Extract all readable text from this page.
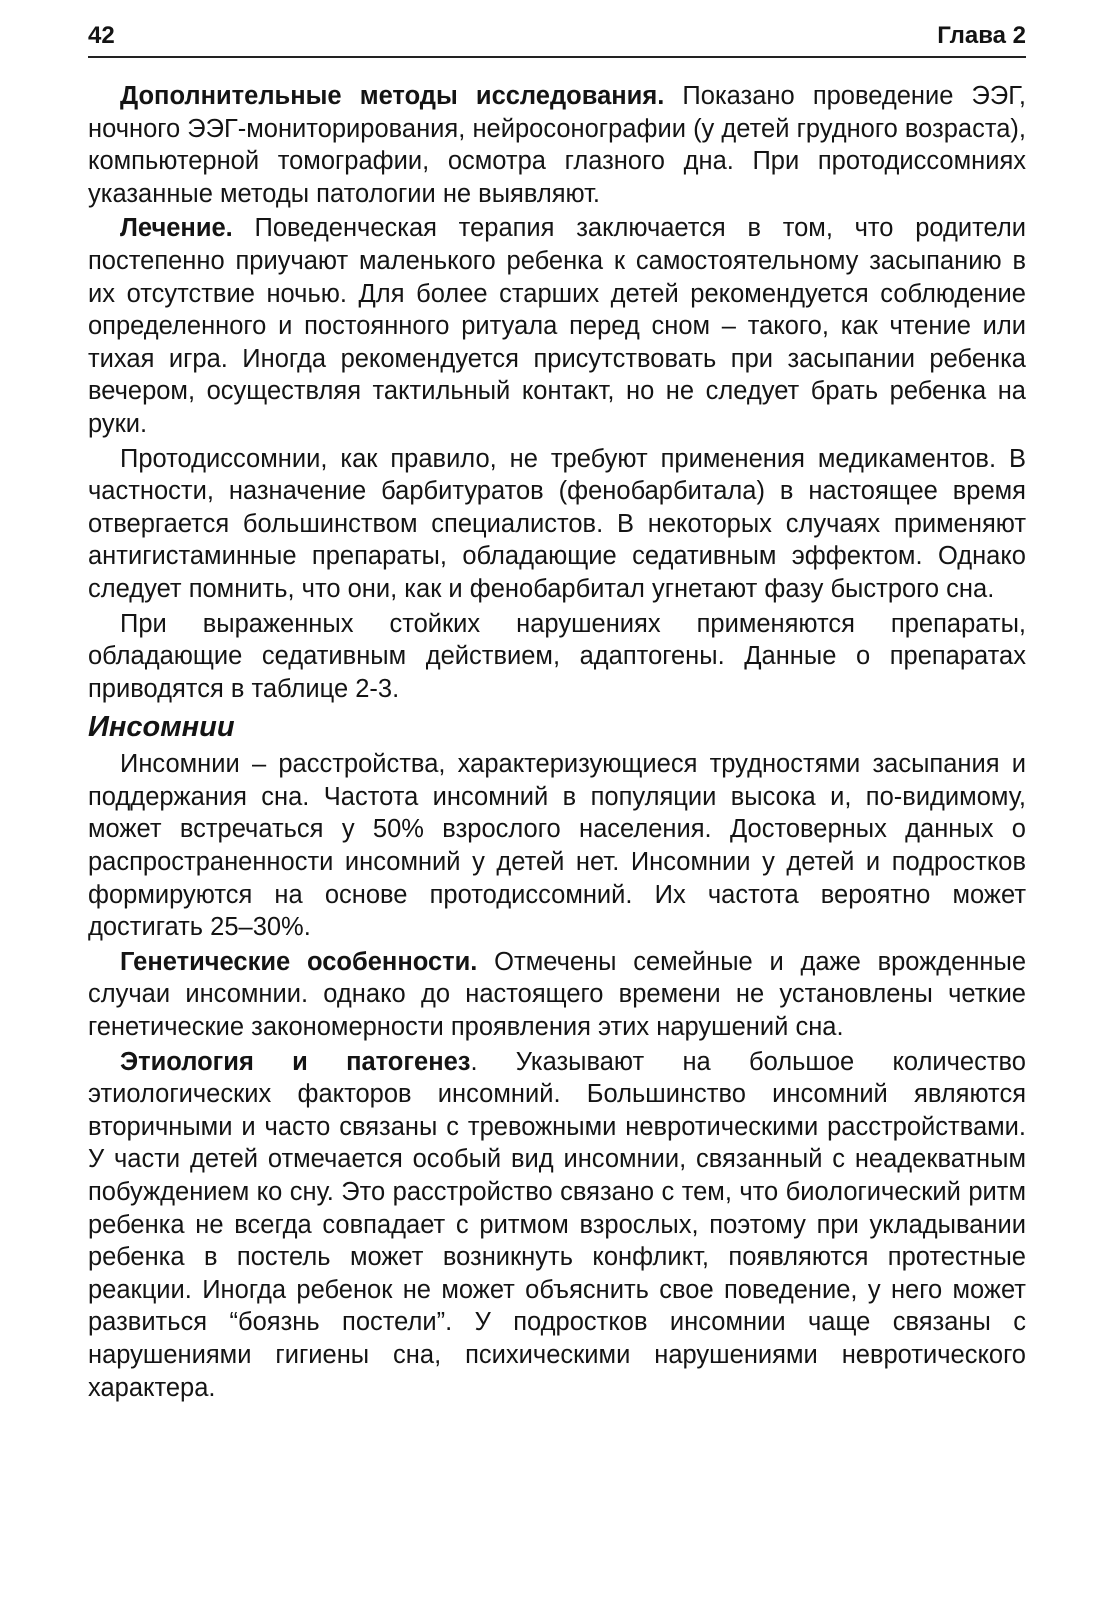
42	Глава 2

Дополнительные методы исследования. Показано проведение ЭЭГ, ночного ЭЭГ-мониторирования, нейросонографии (у детей грудного возраста), компьютерной томографии, осмотра глазного дна. При протодиссомниях указанные методы патологии не выявляют.

Лечение. Поведенческая терапия заключается в том, что родители постепенно приучают маленького ребенка к самостоятельному засыпанию в их отсутствие ночью. Для более старших детей рекомендуется соблюдение определенного и постоянного ритуала перед сном – такого, как чтение или тихая игра. Иногда рекомендуется присутствовать при засыпании ребенка вечером, осуществляя тактильный контакт, но не следует брать ребенка на руки.

Протодиссомнии, как правило, не требуют применения медикаментов. В частности, назначение барбитуратов (фенобарбитала) в настоящее время отвергается большинством специалистов. В некоторых случаях применяют антигистаминные препараты, обладающие седативным эффектом. Однако следует помнить, что они, как и фенобарбитал угнетают фазу быстрого сна.

При выраженных стойких нарушениях применяются препараты, обладающие седативным действием, адаптогены. Данные о препаратах приводятся в таблице 2-3.

Инсомнии

Инсомнии – расстройства, характеризующиеся трудностями засыпания и поддержания сна. Частота инсомний в популяции высока и, по-видимому, может встречаться у 50% взрослого населения. Достоверных данных о распространенности инсомний у детей нет. Инсомнии у детей и подростков формируются на основе протодиссомний. Их частота вероятно может достигать 25–30%.

Генетические особенности. Отмечены семейные и даже врожденные случаи инсомнии. однако до настоящего времени не установлены четкие генетические закономерности проявления этих нарушений сна.

Этиология и патогенез. Указывают на большое количество этиологических факторов инсомний. Большинство инсомний являются вторичными и часто связаны с тревожными невротическими расстройствами. У части детей отмечается особый вид инсомнии, связанный с неадекватным побуждением ко сну. Это расстройство связано с тем, что биологический ритм ребенка не всегда совпадает с ритмом взрослых, поэтому при укладывании ребенка в постель может возникнуть конфликт, появляются протестные реакции. Иногда ребенок не может объяснить свое поведение, у него может развиться “боязнь постели”. У подростков инсомнии чаще связаны с нарушениями гигиены сна, психическими нарушениями невротического характера.
